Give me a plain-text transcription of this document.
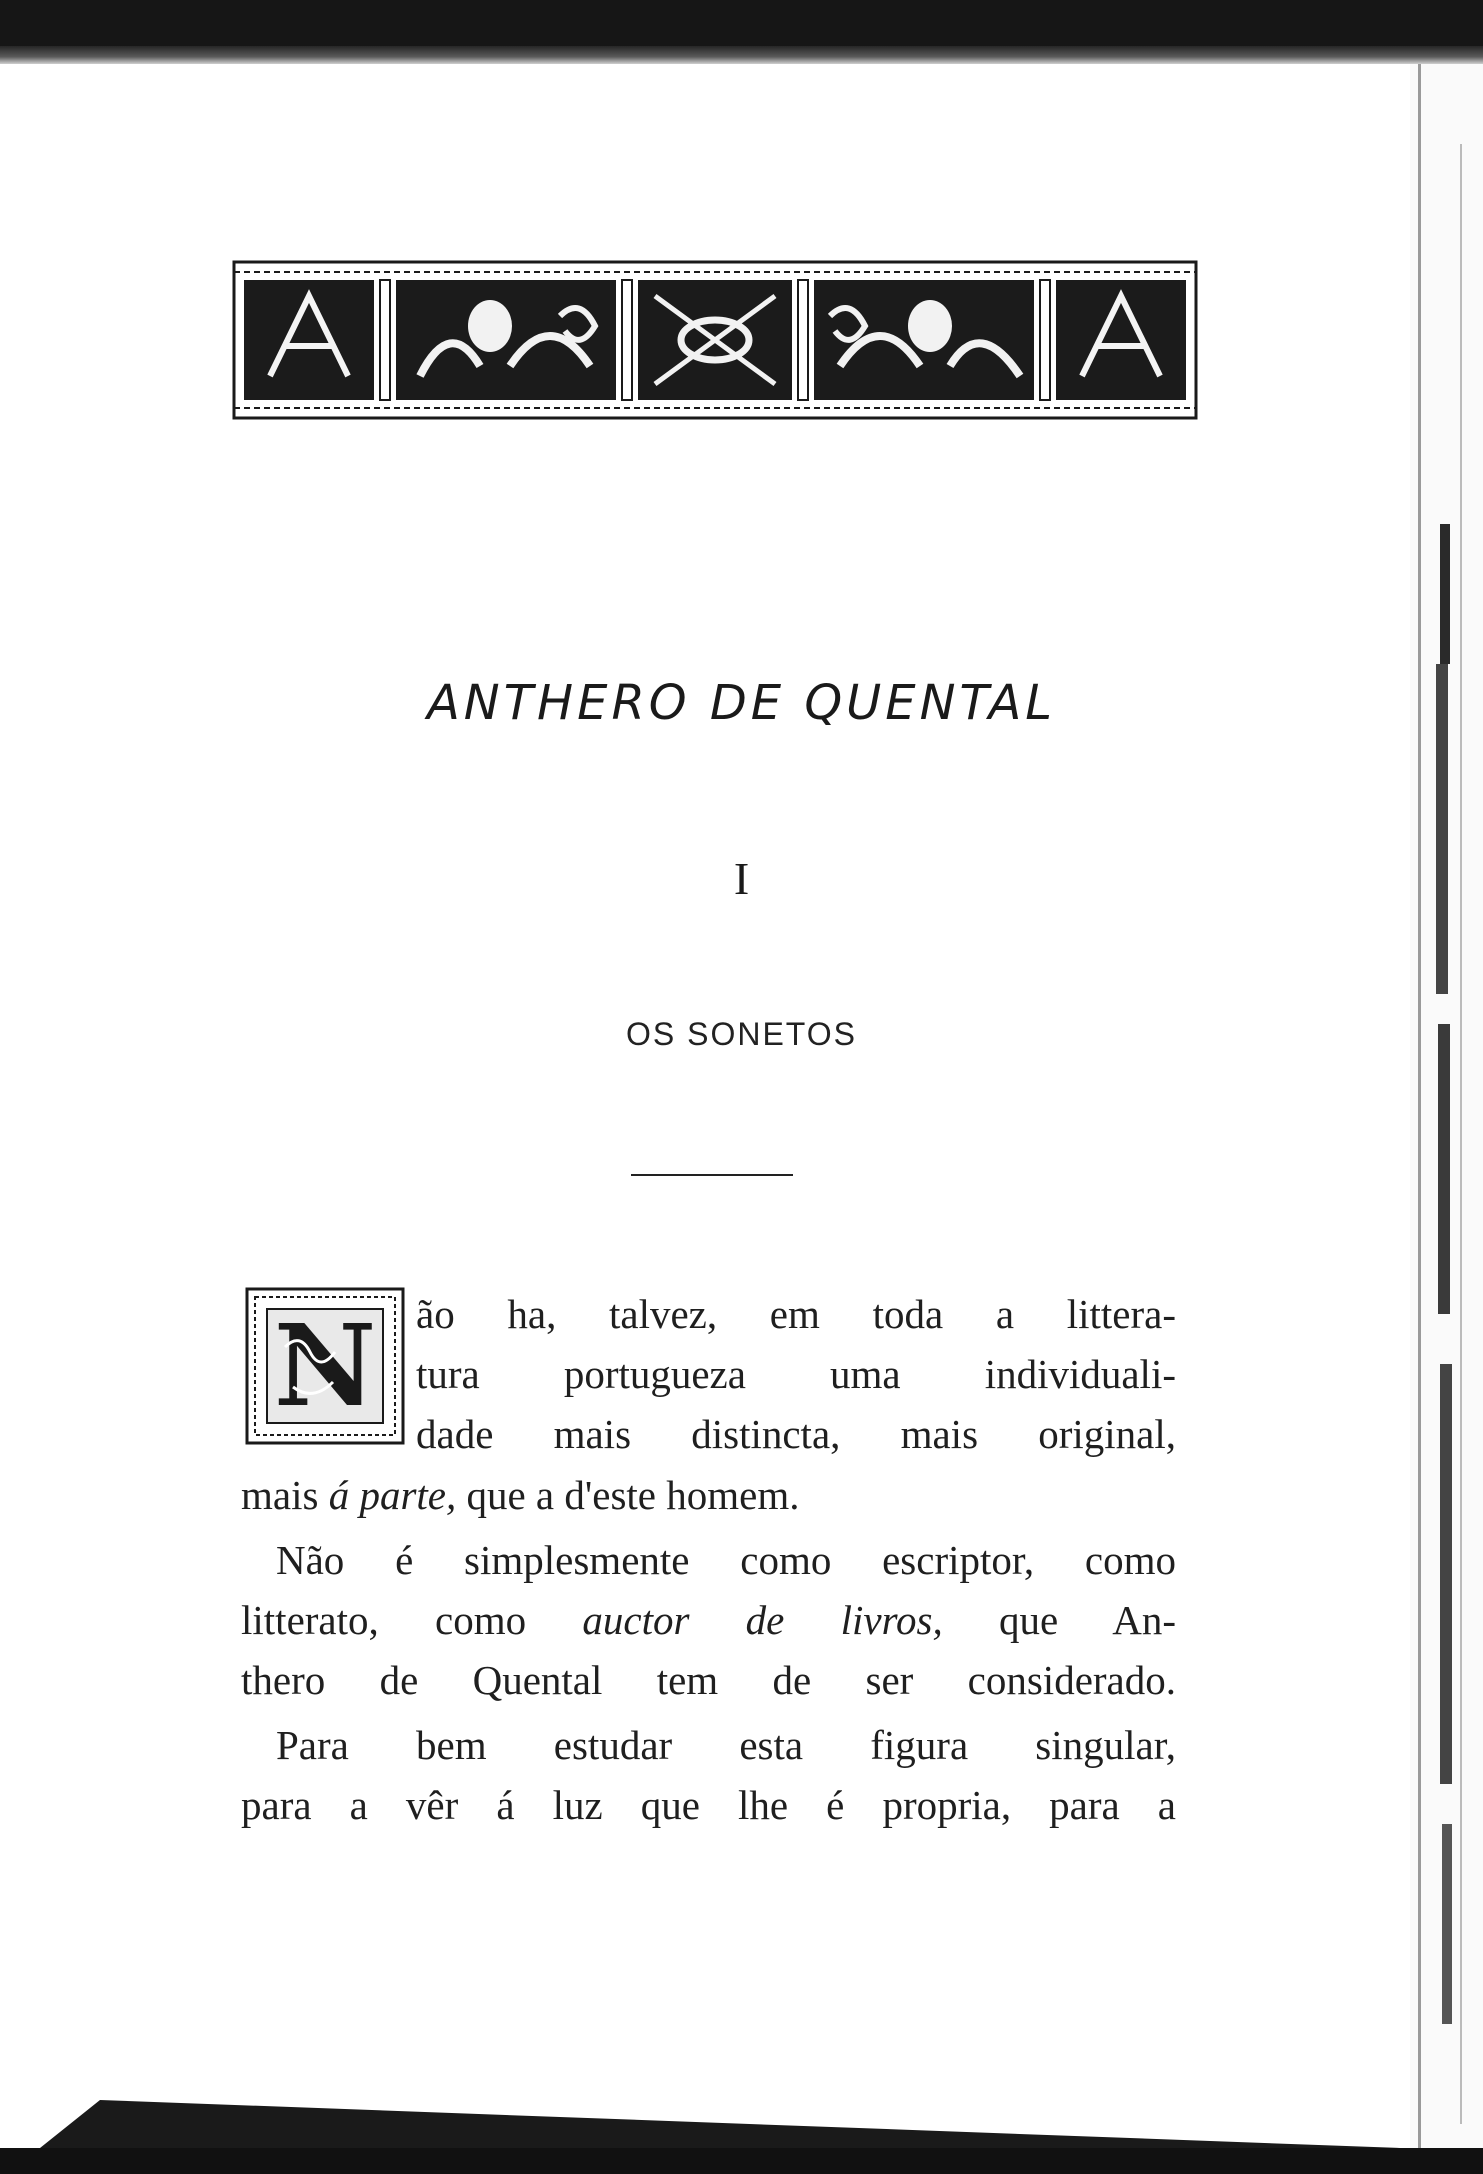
ANTHERO DE QUENTAL
I
OS SONETOS
N ão ha, talvez, em toda a littera-
tura portugueza uma individuali-
dade mais distincta, mais original,
mais á parte, que a d'este homem.
Não é simplesmente como escriptor, como
litterato, como auctor de livros, que An-
thero de Quental tem de ser considerado.
Para bem estudar esta figura singular,
para a vêr á luz que lhe é propria, para a
